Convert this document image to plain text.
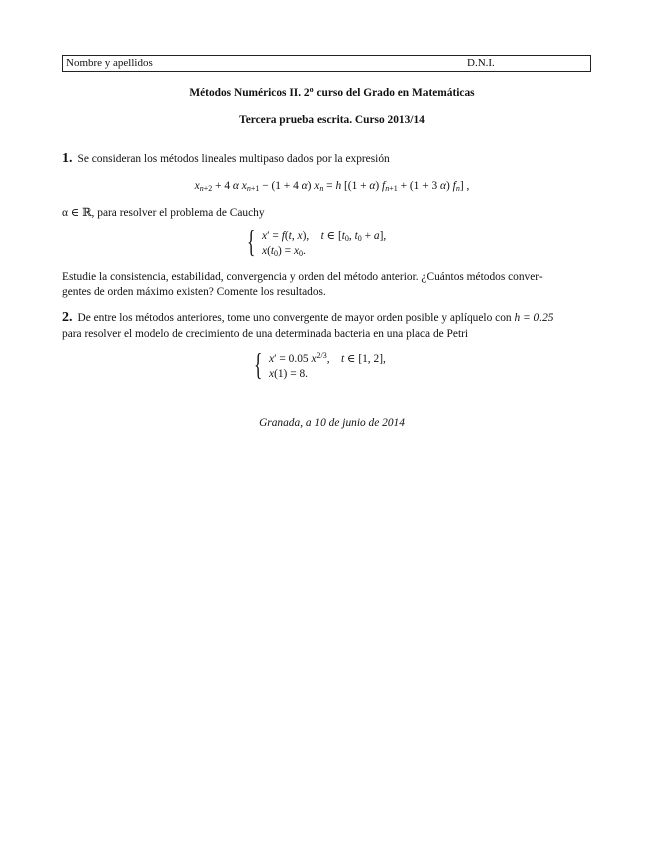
Nombre y apellidos	D.N.I.
Métodos Numéricos II. 2$^o$ curso del Grado en Matemáticas
Tercera prueba escrita. Curso 2013/14
1. Se consideran los métodos lineales multipaso dados por la expresión
$x_{n+2} + 4$ α $x_{n+1} - (1 + 4$ α) $x_n = h$ [(1 + α) $f_{n+1} + (1 + 3$ α) $f_n$] ,
α ∈ ℝ, para resolver el problema de Cauchy
{ x′ = f(t, x),    t ∈ [$t_0$, $t_0 + a$],
$x(t_0) = x_0$.
Estudie la consistencia, estabilidad, convergencia y orden del método anterior. ¿Cuántos métodos conver-
gentes de orden máximo existen? Comente los resultados.
2. De entre los métodos anteriores, tome uno convergente de mayor orden posible y aplíquelo con h = 0.25
para resolver el modelo de crecimiento de una determinada bacteria en una placa de Petri
{ x′ = 0.05 $x^{2/3}$,    t ∈ [1, 2],
x(1) = 8.
Granada, a 10 de junio de 2014
